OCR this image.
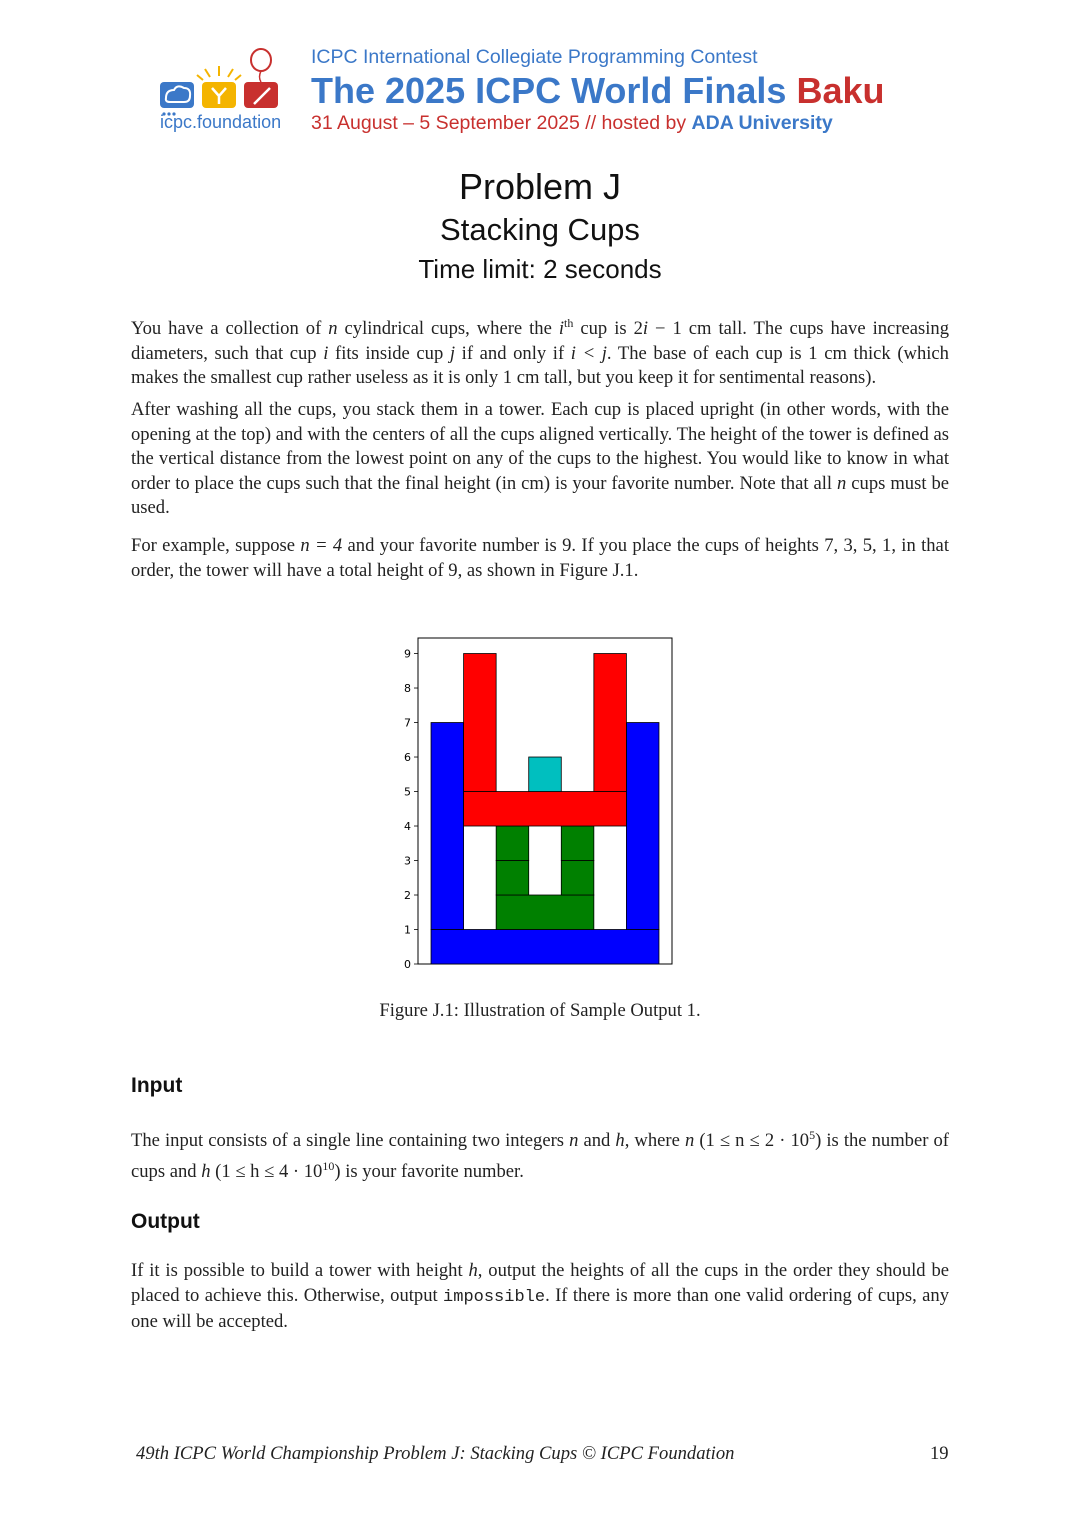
icpc.foundation
ICPC International Collegiate Programming Contest
The 2025 ICPC World Finals Baku
31 August – 5 September 2025 // hosted by ADA University
Problem J
Stacking Cups
Time limit: 2 seconds

You have a collection of n cylindrical cups, where the $i^{th}$ cup is 2i − 1 cm tall. The cups have increasing diameters, such that cup i fits inside cup j if and only if i < j. The base of each cup is 1 cm thick (which makes the smallest cup rather useless as it is only 1 cm tall, but you keep it for sentimental reasons).

After washing all the cups, you stack them in a tower. Each cup is placed upright (in other words, with the opening at the top) and with the centers of all the cups aligned vertically. The height of the tower is defined as the vertical distance from the lowest point on any of the cups to the highest. You would like to know in what order to place the cups such that the final height (in cm) is your favorite number. Note that all n cups must be used.

For example, suppose n = 4 and your favorite number is 9. If you place the cups of heights 7, 3, 5, 1, in that order, the tower will have a total height of 9, as shown in Figure J.1.

0
1
2
3
4
5
6
7
8
9
Figure J.1: Illustration of Sample Output 1.
Input

The input consists of a single line containing two integers n and h, where n $(1 \le n \le 2 \cdot 10^5)$ is the number of cups and h $(1 \le h \le 4 \cdot 10^{10})$ is your favorite number.

Output

If it is possible to build a tower with height h, output the heights of all the cups in the order they should be placed to achieve this. Otherwise, output impossible. If there is more than one valid ordering of cups, any one will be accepted.

49th ICPC World Championship Problem J: Stacking Cups © ICPC Foundation	19
